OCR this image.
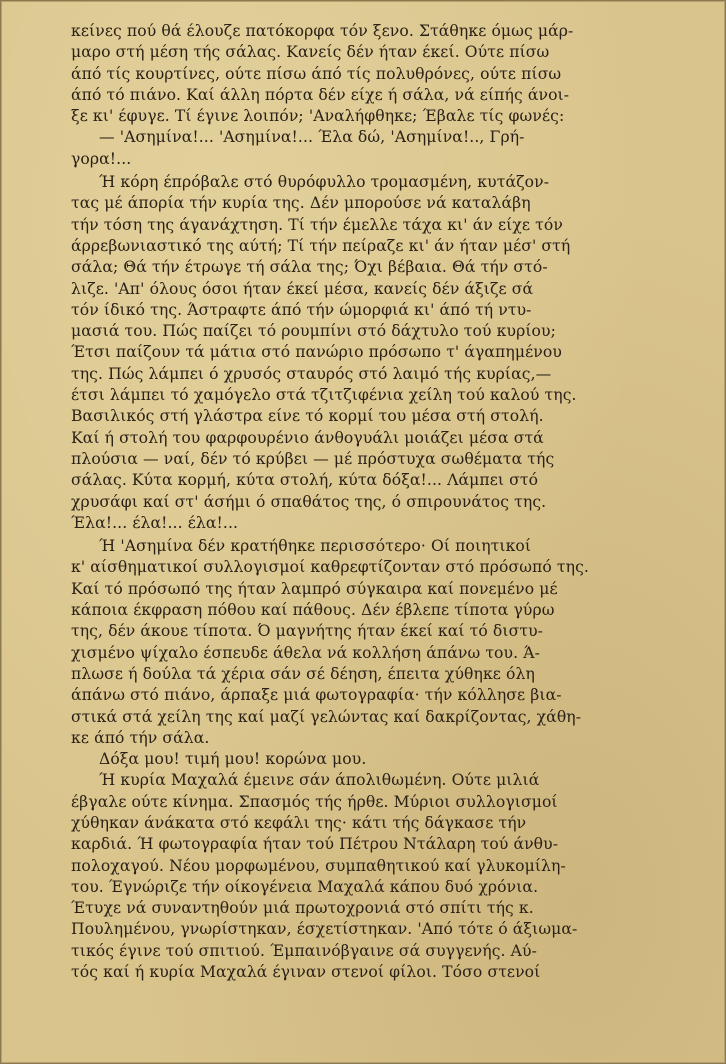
κείνες πού θά έλουζε πατόκορφα τόν ξενο. Στάθηκε όμως μάρ-
μαρο στή μέση τής σάλας. Κανείς δέν ήταν έκεί. Ούτε πίσω
άπό τίς κουρτίνες, ούτε πίσω άπό τίς πολυθρόνες, ούτε πίσω
άπό τό πιάνο. Καί άλλη πόρτα δέν είχε ή σάλα, νά είπής άνοι-
ξε κι' έφυγε. Τί έγινε λοιπόν; 'Αναλήφθηκε; Έβαλε τίς φωνές:
— 'Ασημίνα!... 'Ασημίνα!... Έλα δώ, 'Ασημίνα!.., Γρή-
γορα!...
Ή κόρη έπρόβαλε στό θυρόφυλλο τρομασμένη, κυτάζον-
τας μέ άπορία τήν κυρία της. Δέν μπορούσε νά καταλάβη
τήν τόση της άγανάχτηση. Τί τήν έμελλε τάχα κι' άν είχε τόν
άρρεβωνιαστικό της αύτή; Τί τήν πείραζε κι' άν ήταν μέσ' στή
σάλα; Θά τήν έτρωγε τή σάλα της; Όχι βέβαια. Θά τήν στό-
λιζε. 'Απ' όλους όσοι ήταν έκεί μέσα, κανείς δέν άξιζε σά
τόν ίδικό της. Άστραφτε άπό τήν ώμορφιά κι' άπό τή ντυ-
μασιά του. Πώς παίζει τό ρουμπίνι στό δάχτυλο τού κυρίου;
Έτσι παίζουν τά μάτια στό πανώριο πρόσωπο τ' άγαπημένου
της. Πώς λάμπει ό χρυσός σταυρός στό λαιμό τής κυρίας,—
έτσι λάμπει τό χαμόγελο στά τζιτζιφένια χείλη τού καλού της.
Βασιλικός στή γλάστρα είνε τό κορμί του μέσα στή στολή.
Καί ή στολή του φαρφουρένιο άνθογυάλι μοιάζει μέσα στά
πλούσια — ναί, δέν τό κρύβει — μέ πρόστυχα σωθέματα τής
σάλας. Κύτα κορμή, κύτα στολή, κύτα δόξα!... Λάμπει στό
χρυσάφι καί στ' άσήμι ό σπαθάτος της, ό σπιρουνάτος της.
Έλα!... έλα!... έλα!...
Ή 'Ασημίνα δέν κρατήθηκε περισσότερο· Οί ποιητικοί
κ' αίσθηματικοί συλλογισμοί καθρεφτίζονταν στό πρόσωπό της.
Καί τό πρόσωπό της ήταν λαμπρό σύγκαιρα καί πονεμένο μέ
κάποια έκφραση πόθου καί πάθους. Δέν έβλεπε τίποτα γύρω
της, δέν άκουε τίποτα. Ό μαγνήτης ήταν έκεί καί τό διστυ-
χισμένο ψίχαλο έσπευδε άθελα νά κολλήση άπάνω του. Ά-
πλωσε ή δούλα τά χέρια σάν σέ δέηση, έπειτα χύθηκε όλη
άπάνω στό πιάνο, άρπαξε μιά φωτογραφία· τήν κόλλησε βια-
στικά στά χείλη της καί μαζί γελώντας καί δακρίζοντας, χάθη-
κε άπό τήν σάλα.
Δόξα μου! τιμή μου! κορώνα μου.
Ή κυρία Μαχαλά έμεινε σάν άπολιθωμένη. Ούτε μιλιά
έβγαλε ούτε κίνημα. Σπασμός τής ήρθε. Μύριοι συλλογισμοί
χύθηκαν άνάκατα στό κεφάλι της· κάτι τής δάγκασε τήν
καρδιά. Ή φωτογραφία ήταν τού Πέτρου Ντάλαρη τού άνθυ-
πολοχαγού. Νέου μορφωμένου, συμπαθητικού καί γλυκομίλη-
του. Έγνώριζε τήν οίκογένεια Μαχαλά κάπου δυό χρόνια.
Έτυχε νά συναντηθούν μιά πρωτοχρονιά στό σπίτι τής κ.
Πουλημένου, γνωρίστηκαν, έσχετίστηκαν. 'Από τότε ό άξιωμα-
τικός έγινε τού σπιτιού. Έμπαινόβγαινε σά συγγενής. Αύ-
τός καί ή κυρία Μαχαλά έγιναν στενοί φίλοι. Τόσο στενοί
